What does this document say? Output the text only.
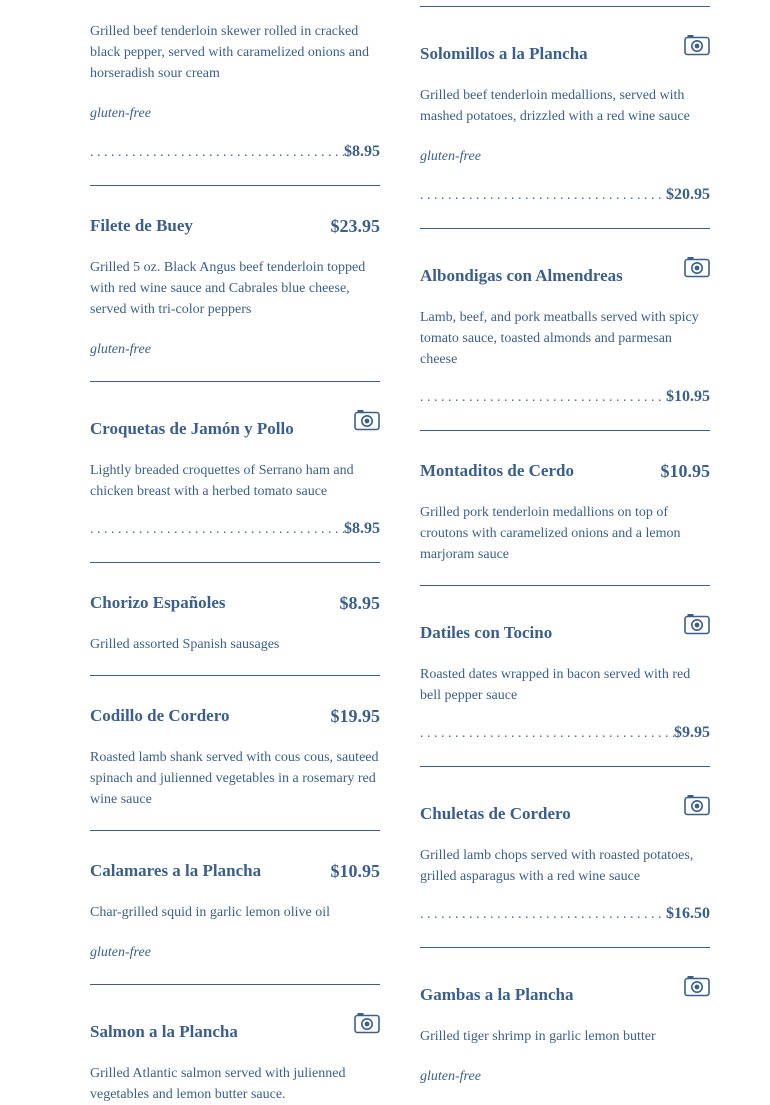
Grilled beef tenderloin skewer rolled in cracked black pepper, served with caramelized onions and horseradish sour cream
gluten-free
. . .
$8.95
Filete de Buey	$23.95
Grilled 5 oz. Black Angus beef tenderloin topped with red wine sauce and Cabrales blue cheese, served with tri-color peppers
gluten-free
Croquetas de Jamón y Pollo
Lightly breaded croquettes of Serrano ham and chicken breast with a herbed tomato sauce
. . .
$8.95
Chorizo Españoles	$8.95
Grilled assorted Spanish sausages
Codillo de Cordero	$19.95
Roasted lamb shank served with cous cous, sauteed spinach and julienned vegetables in a rosemary red wine sauce
Calamares a la Plancha	$10.95
Char-grilled squid in garlic lemon olive oil
gluten-free
Salmon a la Plancha
Grilled Atlantic salmon served with julienned vegetables and lemon butter sauce.
Solomillos a la Plancha
Grilled beef tenderloin medallions, served with mashed potatoes, drizzled with a red wine sauce
gluten-free
. . .
$20.95
Albondigas con Almendreas
Lamb, beef, and pork meatballs served with spicy tomato sauce, toasted almonds and parmesan cheese
. . .
$10.95
Montaditos de Cerdo	$10.95
Grilled pork tenderloin medallions on top of croutons with caramelized onions and a lemon marjoram sauce
Datiles con Tocino
Roasted dates wrapped in bacon served with red bell pepper sauce
. . .
$9.95
Chuletas de Cordero
Grilled lamb chops served with roasted potatoes, grilled asparagus with a red wine sauce
. . .
$16.50
Gambas a la Plancha
Grilled tiger shrimp in garlic lemon butter
gluten-free
